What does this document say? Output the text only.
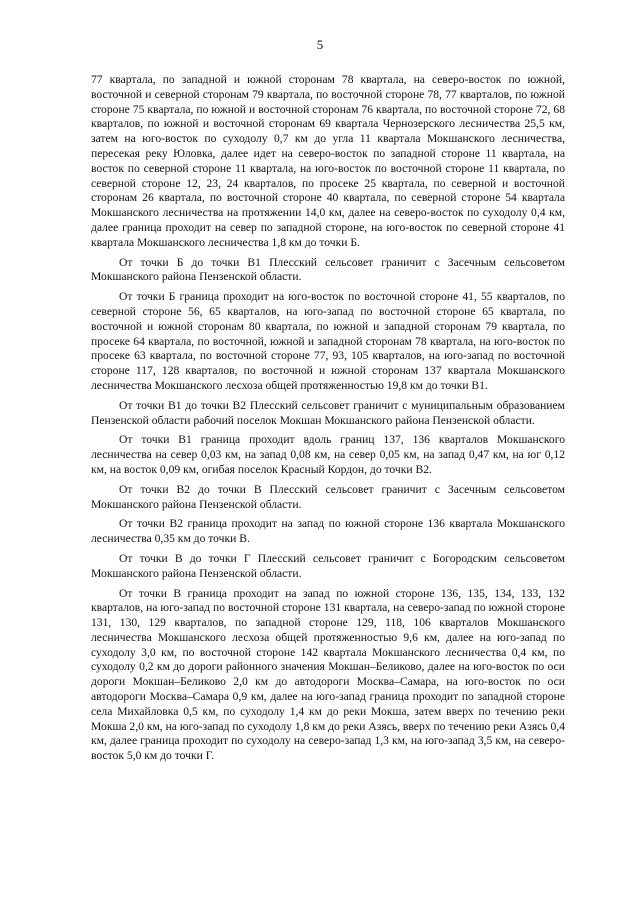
5

77 квартала, по западной и южной сторонам 78 квартала, на северо-восток по южной, восточной и северной сторонам 79 квартала, по восточной стороне 78, 77 кварталов, по южной стороне 75 квартала, по южной и восточной сторонам 76 квартала, по восточной стороне 72, 68 кварталов, по южной и восточной сторонам 69 квартала Чернозерского лесничества 25,5 км, затем на юго-восток по суходолу 0,7 км до угла 11 квартала Мокшанского лесничества, пересекая реку Юловка, далее идет на северо-восток по западной стороне 11 квартала, на восток по северной стороне 11 квартала, на юго-восток по восточной стороне 11 квартала, по северной стороне 12, 23, 24 кварталов, по просеке 25 квартала, по северной и восточной сторонам 26 квартала, по восточной стороне 40 квартала, по северной стороне 54 квартала Мокшанского лесничества на протяжении 14,0 км, далее на северо-восток по суходолу 0,4 км, далее граница проходит на север по западной стороне, на юго-восток по северной стороне 41 квартала Мокшанского лесничества 1,8 км до точки Б.

От точки Б до точки В1 Плесский сельсовет граничит с Засечным сельсоветом Мокшанского района Пензенской области.

От точки Б граница проходит на юго-восток по восточной стороне 41, 55 кварталов, по северной стороне 56, 65 кварталов, на юго-запад по восточной стороне 65 квартала, по восточной и южной сторонам 80 квартала, по южной и западной сторонам 79 квартала, по просеке 64 квартала, по восточной, южной и западной сторонам 78 квартала, на юго-восток по просеке 63 квартала, по восточной стороне 77, 93, 105 кварталов, на юго-запад по восточной стороне 117, 128 кварталов, по восточной и южной сторонам 137 квартала Мокшанского лесничества Мокшанского лесхоза общей протяженностью 19,8 км до точки В1.

От точки В1 до точки В2 Плесский сельсовет граничит с муниципальным образованием Пензенской области рабочий поселок Мокшан Мокшанского района Пензенской области.

От точки В1 граница проходит вдоль границ 137, 136 кварталов Мокшанского лесничества на север 0,03 км, на запад 0,08 км, на север 0,05 км, на запад 0,47 км, на юг 0,12 км, на восток 0,09 км, огибая поселок Красный Кордон, до точки В2.

От точки В2 до точки В Плесский сельсовет граничит с Засечным сельсоветом Мокшанского района Пензенской области.

От точки В2 граница проходит на запад по южной стороне 136 квартала Мокшанского лесничества 0,35 км до точки В.

От точки В до точки Г Плесский сельсовет граничит с Богородским сельсоветом Мокшанского района Пензенской области.

От точки В граница проходит на запад по южной стороне 136, 135, 134, 133, 132 кварталов, на юго-запад по восточной стороне 131 квартала, на северо-запад по южной стороне 131, 130, 129 кварталов, по западной стороне 129, 118, 106 кварталов Мокшанского лесничества Мокшанского лесхоза общей протяженностью 9,6 км, далее на юго-запад по суходолу 3,0 км, по восточной стороне 142 квартала Мокшанского лесничества 0,4 км, по суходолу 0,2 км до дороги районного значения Мокшан–Беликово, далее на юго-восток по оси дороги Мокшан–Беликово 2,0 км до автодороги Москва–Самара, на юго-восток по оси автодороги Москва–Самара 0,9 км, далее на юго-запад граница проходит по западной стороне села Михайловка 0,5 км, по суходолу 1,4 км до реки Мокша, затем вверх по течению реки Мокша 2,0 км, на юго-запад по суходолу 1,8 км до реки Азясь, вверх по течению реки Азясь 0,4 км, далее граница проходит по суходолу на северо-запад 1,3 км, на юго-запад 3,5 км, на северо-восток 5,0 км до точки Г.
